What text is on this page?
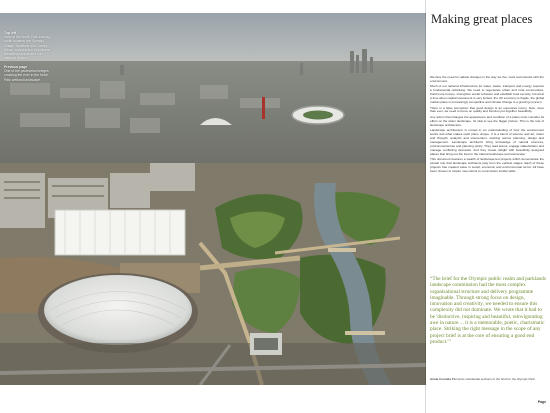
Top left
View of the North Park looking south towards the Olympic Village, Stratford and Canary Wharf, showing the Velodrome, Basketball Arena and the stadium beyond.
Previous page
One of the pedestrian bridges crossing the river in the North Park wetland landscape.
Making great places

We face the need for radical changes in the way we live, work and interact with the environment.

Much of our national infrastructure for water, waste, transport and energy requires a fundamental rethinking. We need to regenerate urban and rural communities, build more homes, strengthen social cohesion and establish food security, but all at a time when capital investment is very limited, the UK economy is fragile, the global market place is increasingly competitive and climate change is a growing concern.

There is a false perception that good design is an expensive luxury. Now, more than ever, we need to focus on quality and function put together beautifully.

Any action that changes the appearance and condition of a place must consider its effect on the wider landscape. Its vital to see the bigger picture. This is the role of landscape architecture.

Landscape architecture is rooted in an understanding of how the environment works and what makes each place unique. It is a blend of science and art, vision and thought, analysis and intervention, working across planning, design and management. Landscape architects bring knowledge of natural sciences, environmental law and planning policy. They lead teams, engage stakeholders and manage conflicting demands. And they create delight with beautifully designed places that bring out the best in the natural landscape and townscape.

This document features a wealth of landscape-led projects which demonstrate the pivotal role that landscape architects play from the earliest stages. Each of these projects has created value in social, economic and environmental terms. All have been chosen to inspire new clients to commission similar skills.

“The brief for the Olympic public realm and parklands landscape commission had the most complex organisational structure and delivery programme imaginable. Through strong focus on design, innovation and creativity, we needed to ensure this complexity did not dominate. We wrote that it had to be 'distinctive, inspiring and beautiful, reinvigorating awe in nature ... it is a memorable, poetic, charismatic place. Striking the right message in the scope of any project brief is at the core of ensuring a good end product.'”
Annie Coombs FLI wrote substantial sections of the brief for the Olympic Park.
Page
